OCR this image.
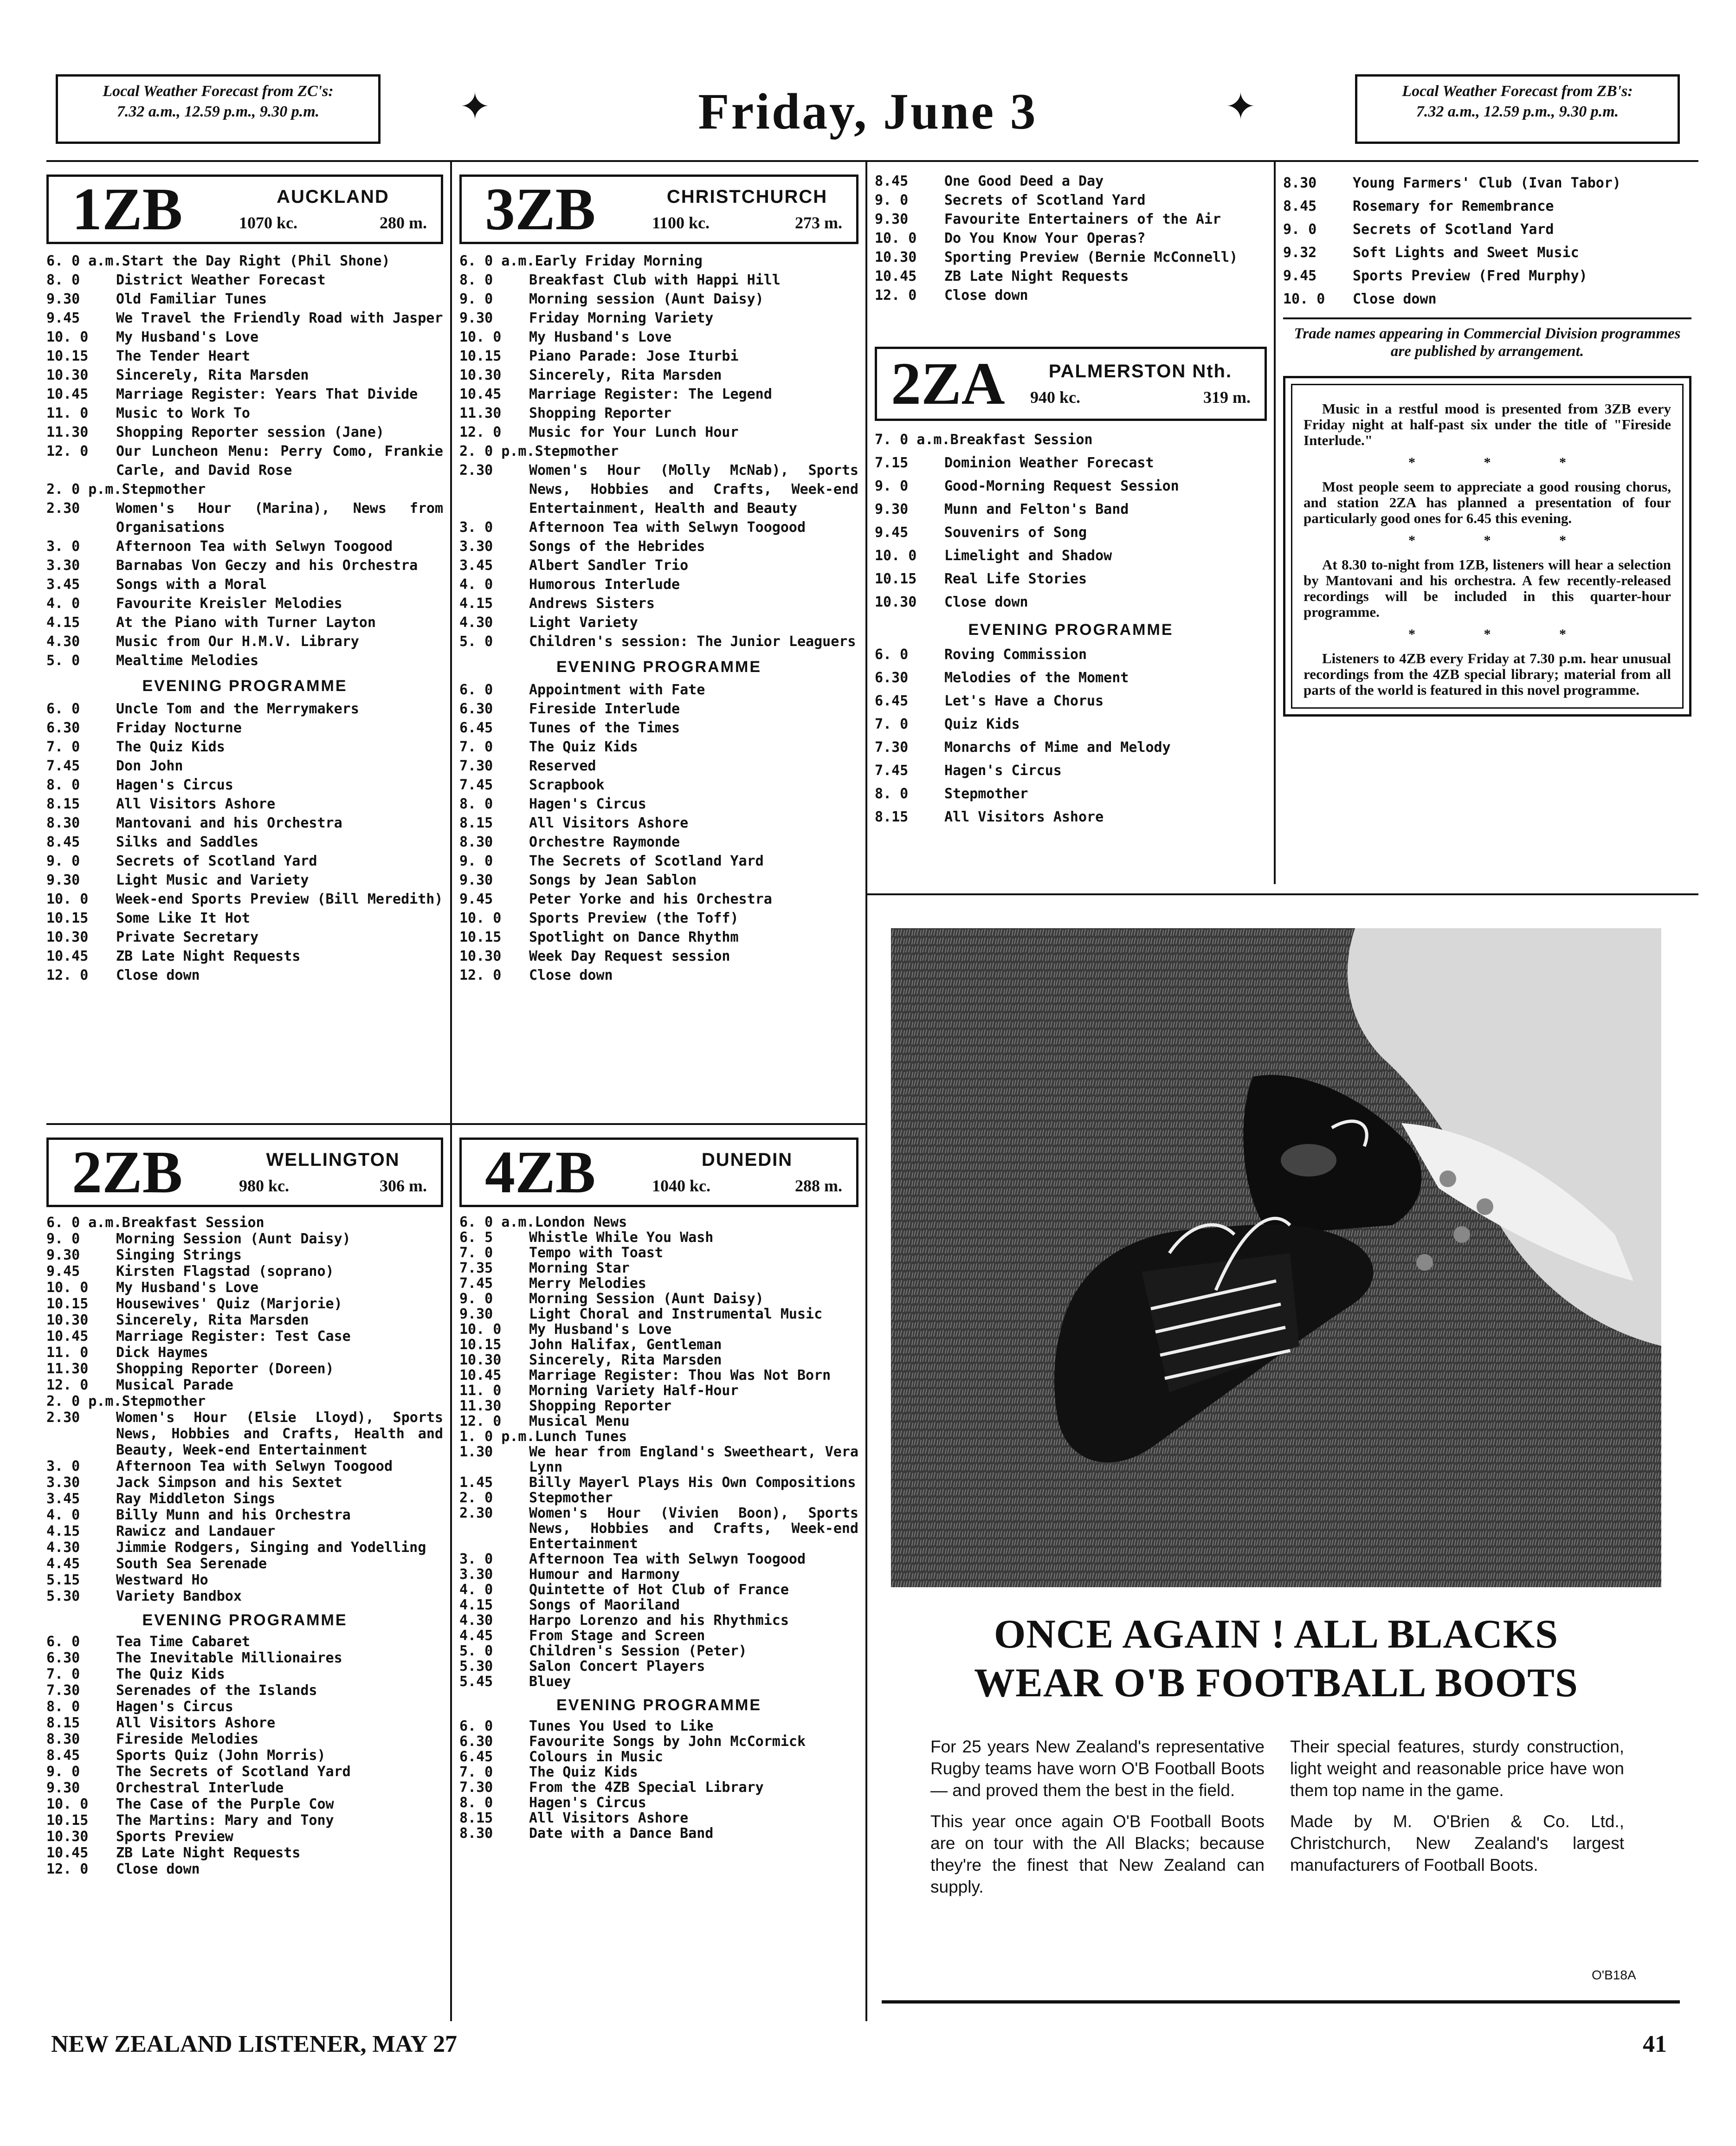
Local Weather Forecast from ZC's:
7.32 a.m., 12.59 p.m., 9.30 p.m.	✦	Friday, June 3	✦	Local Weather Forecast from ZB's:
7.32 a.m., 12.59 p.m., 9.30 p.m.
1ZB	AUCKLAND
1070 kc.	280 m.
6. 0 a.m. Start the Day Right (Phil Shone)
8. 0	District Weather Forecast
9.30	Old Familiar Tunes
9.45	We Travel the Friendly Road with Jasper
10. 0	My Husband's Love
10.15	The Tender Heart
10.30	Sincerely, Rita Marsden
10.45	Marriage Register: Years That Divide
11. 0	Music to Work To
11.30	Shopping Reporter session (Jane)
12. 0	Our Luncheon Menu: Perry Como, Frankie Carle, and David Rose
2. 0 p.m. Stepmother
2.30	Women's Hour (Marina), News from Organisations
3. 0	Afternoon Tea with Selwyn Toogood
3.30	Barnabas Von Geczy and his Orchestra
3.45	Songs with a Moral
4. 0	Favourite Kreisler Melodies
4.15	At the Piano with Turner Layton
4.30	Music from Our H.M.V. Library
5. 0	Mealtime Melodies
EVENING PROGRAMME
6. 0	Uncle Tom and the Merrymakers
6.30	Friday Nocturne
7. 0	The Quiz Kids
7.45	Don John
8. 0	Hagen's Circus
8.15	All Visitors Ashore
8.30	Mantovani and his Orchestra
8.45	Silks and Saddles
9. 0	Secrets of Scotland Yard
9.30	Light Music and Variety
10. 0	Week-end Sports Preview (Bill Meredith)
10.15	Some Like It Hot
10.30	Private Secretary
10.45	ZB Late Night Requests
12. 0	Close down
2ZB	WELLINGTON
980 kc.	306 m.
6. 0 a.m. Breakfast Session
9. 0	Morning Session (Aunt Daisy)
9.30	Singing Strings
9.45	Kirsten Flagstad (soprano)
10. 0	My Husband's Love
10.15	Housewives' Quiz (Marjorie)
10.30	Sincerely, Rita Marsden
10.45	Marriage Register: Test Case
11. 0	Dick Haymes
11.30	Shopping Reporter (Doreen)
12. 0	Musical Parade
2. 0 p.m. Stepmother
2.30	Women's Hour (Elsie Lloyd), Sports News, Hobbies and Crafts, Health and Beauty, Week-end Entertainment
3. 0	Afternoon Tea with Selwyn Toogood
3.30	Jack Simpson and his Sextet
3.45	Ray Middleton Sings
4. 0	Billy Munn and his Orchestra
4.15	Rawicz and Landauer
4.30	Jimmie Rodgers, Singing and Yodelling
4.45	South Sea Serenade
5.15	Westward Ho
5.30	Variety Bandbox
EVENING PROGRAMME
6. 0	Tea Time Cabaret
6.30	The Inevitable Millionaires
7. 0	The Quiz Kids
7.30	Serenades of the Islands
8. 0	Hagen's Circus
8.15	All Visitors Ashore
8.30	Fireside Melodies
8.45	Sports Quiz (John Morris)
9. 0	The Secrets of Scotland Yard
9.30	Orchestral Interlude
10. 0	The Case of the Purple Cow
10.15	The Martins: Mary and Tony
10.30	Sports Preview
10.45	ZB Late Night Requests
12. 0	Close down
3ZB	CHRISTCHURCH
1100 kc.	273 m.
6. 0 a.m. Early Friday Morning
8. 0	Breakfast Club with Happi Hill
9. 0	Morning session (Aunt Daisy)
9.30	Friday Morning Variety
10. 0	My Husband's Love
10.15	Piano Parade: Jose Iturbi
10.30	Sincerely, Rita Marsden
10.45	Marriage Register: The Legend
11.30	Shopping Reporter
12. 0	Music for Your Lunch Hour
2. 0 p.m. Stepmother
2.30	Women's Hour (Molly McNab), Sports News, Hobbies and Crafts, Week-end Entertainment, Health and Beauty
3. 0	Afternoon Tea with Selwyn Toogood
3.30	Songs of the Hebrides
3.45	Albert Sandler Trio
4. 0	Humorous Interlude
4.15	Andrews Sisters
4.30	Light Variety
5. 0	Children's session: The Junior Leaguers
EVENING PROGRAMME
6. 0	Appointment with Fate
6.30	Fireside Interlude
6.45	Tunes of the Times
7. 0	The Quiz Kids
7.30	Reserved
7.45	Scrapbook
8. 0	Hagen's Circus
8.15	All Visitors Ashore
8.30	Orchestre Raymonde
9. 0	The Secrets of Scotland Yard
9.30	Songs by Jean Sablon
9.45	Peter Yorke and his Orchestra
10. 0	Sports Preview (the Toff)
10.15	Spotlight on Dance Rhythm
10.30	Week Day Request session
12. 0	Close down
4ZB	DUNEDIN
1040 kc.	288 m.
6. 0 a.m. London News
6. 5	Whistle While You Wash
7. 0	Tempo with Toast
7.35	Morning Star
7.45	Merry Melodies
9. 0	Morning Session (Aunt Daisy)
9.30	Light Choral and Instrumental Music
10. 0	My Husband's Love
10.15	John Halifax, Gentleman
10.30	Sincerely, Rita Marsden
10.45	Marriage Register: Thou Was Not Born
11. 0	Morning Variety Half-Hour
11.30	Shopping Reporter
12. 0	Musical Menu
1. 0 p.m. Lunch Tunes
1.30	We hear from England's Sweetheart, Vera Lynn
1.45	Billy Mayerl Plays His Own Compositions
2. 0	Stepmother
2.30	Women's Hour (Vivien Boon), Sports News, Hobbies and Crafts, Week-end Entertainment
3. 0	Afternoon Tea with Selwyn Toogood
3.30	Humour and Harmony
4. 0	Quintette of Hot Club of France
4.15	Songs of Maoriland
4.30	Harpo Lorenzo and his Rhythmics
4.45	From Stage and Screen
5. 0	Children's Session (Peter)
5.30	Salon Concert Players
5.45	Bluey
EVENING PROGRAMME
6. 0	Tunes You Used to Like
6.30	Favourite Songs by John McCormick
6.45	Colours in Music
7. 0	The Quiz Kids
7.30	From the 4ZB Special Library
8. 0	Hagen's Circus
8.15	All Visitors Ashore
8.30	Date with a Dance Band
8.45	One Good Deed a Day
9. 0	Secrets of Scotland Yard
9.30	Favourite Entertainers of the Air
10. 0	Do You Know Your Operas?
10.30	Sporting Preview (Bernie McConnell)
10.45	ZB Late Night Requests
12. 0	Close down
2ZA	PALMERSTON Nth.
940 kc.	319 m.
7. 0 a.m. Breakfast Session
7.15	Dominion Weather Forecast
9. 0	Good-Morning Request Session
9.30	Munn and Felton's Band
9.45	Souvenirs of Song
10. 0	Limelight and Shadow
10.15	Real Life Stories
10.30	Close down
EVENING PROGRAMME
6. 0	Roving Commission
6.30	Melodies of the Moment
6.45	Let's Have a Chorus
7. 0	Quiz Kids
7.30	Monarchs of Mime and Melody
7.45	Hagen's Circus
8. 0	Stepmother
8.15	All Visitors Ashore
8.30	Young Farmers' Club (Ivan Tabor)
8.45	Rosemary for Remembrance
9. 0	Secrets of Scotland Yard
9.32	Soft Lights and Sweet Music
9.45	Sports Preview (Fred Murphy)
10. 0	Close down
Trade names appearing in Commercial Division programmes are published by arrangement.
Music in a restful mood is presented from 3ZB every Friday night at half-past six under the title of "Fireside Interlude."
* * *
Most people seem to appreciate a good rousing chorus, and station 2ZA has planned a presentation of four particularly good ones for 6.45 this evening.
* * *
At 8.30 to-night from 1ZB, listeners will hear a selection by Mantovani and his orchestra. A few recently-released recordings will be included in this quarter-hour programme.
* * *
Listeners to 4ZB every Friday at 7.30 p.m. hear unusual recordings from the 4ZB special library; material from all parts of the world is featured in this novel programme.
ONCE AGAIN ! ALL BLACKS
WEAR O'B FOOTBALL BOOTS
For 25 years New Zealand's representative Rugby teams have worn O'B Football Boots — and proved them the best in the field.
This year once again O'B Football Boots are on tour with the All Blacks; because they're the finest that New Zealand can supply.
Their special features, sturdy construction, light weight and reasonable price have won them top name in the game.
Made by M. O'Brien & Co. Ltd., Christchurch, New Zealand's largest manufacturers of Football Boots.
O'B18A
NEW ZEALAND LISTENER, MAY 27	41
